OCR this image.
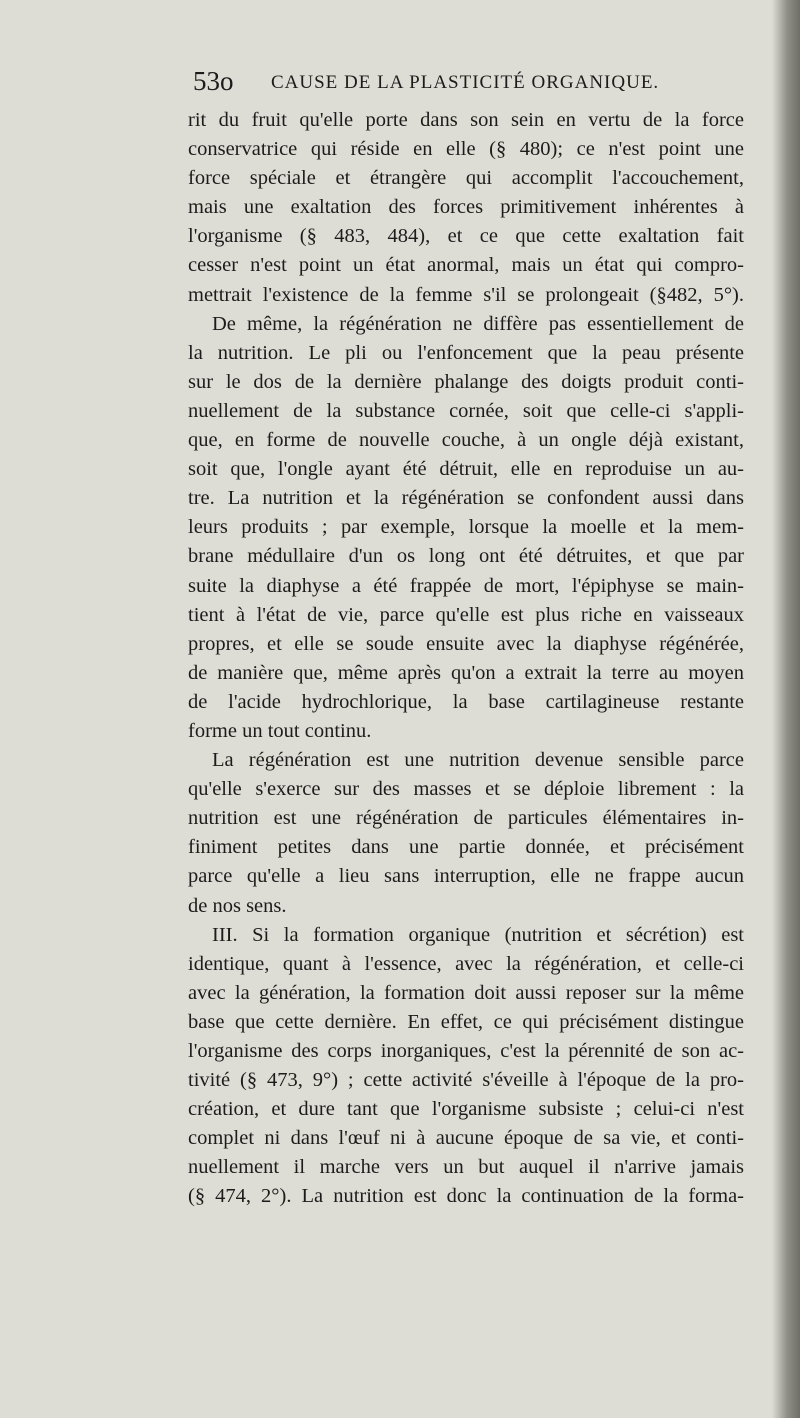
53o CAUSE DE LA PLASTICITÉ ORGANIQUE.
rit du fruit qu'elle porte dans son sein en vertu de la force
conservatrice qui réside en elle (§ 480); ce n'est point une
force spéciale et étrangère qui accomplit l'accouchement,
mais une exaltation des forces primitivement inhérentes à
l'organisme (§ 483, 484), et ce que cette exaltation fait
cesser n'est point un état anormal, mais un état qui compro-
mettrait l'existence de la femme s'il se prolongeait (§482, 5°).
De même, la régénération ne diffère pas essentiellement de
la nutrition. Le pli ou l'enfoncement que la peau présente
sur le dos de la dernière phalange des doigts produit conti-
nuellement de la substance cornée, soit que celle-ci s'appli-
que, en forme de nouvelle couche, à un ongle déjà existant,
soit que, l'ongle ayant été détruit, elle en reproduise un au-
tre. La nutrition et la régénération se confondent aussi dans
leurs produits ; par exemple, lorsque la moelle et la mem-
brane médullaire d'un os long ont été détruites, et que par
suite la diaphyse a été frappée de mort, l'épiphyse se main-
tient à l'état de vie, parce qu'elle est plus riche en vaisseaux
propres, et elle se soude ensuite avec la diaphyse régénérée,
de manière que, même après qu'on a extrait la terre au moyen
de l'acide hydrochlorique, la base cartilagineuse restante
forme un tout continu.
La régénération est une nutrition devenue sensible parce
qu'elle s'exerce sur des masses et se déploie librement : la
nutrition est une régénération de particules élémentaires in-
finiment petites dans une partie donnée, et précisément
parce qu'elle a lieu sans interruption, elle ne frappe aucun
de nos sens.
III. Si la formation organique (nutrition et sécrétion) est
identique, quant à l'essence, avec la régénération, et celle-ci
avec la génération, la formation doit aussi reposer sur la même
base que cette dernière. En effet, ce qui précisément distingue
l'organisme des corps inorganiques, c'est la pérennité de son ac-
tivité (§ 473, 9°) ; cette activité s'éveille à l'époque de la pro-
création, et dure tant que l'organisme subsiste ; celui-ci n'est
complet ni dans l'œuf ni à aucune époque de sa vie, et conti-
nuellement il marche vers un but auquel il n'arrive jamais
(§ 474, 2°). La nutrition est donc la continuation de la forma-
